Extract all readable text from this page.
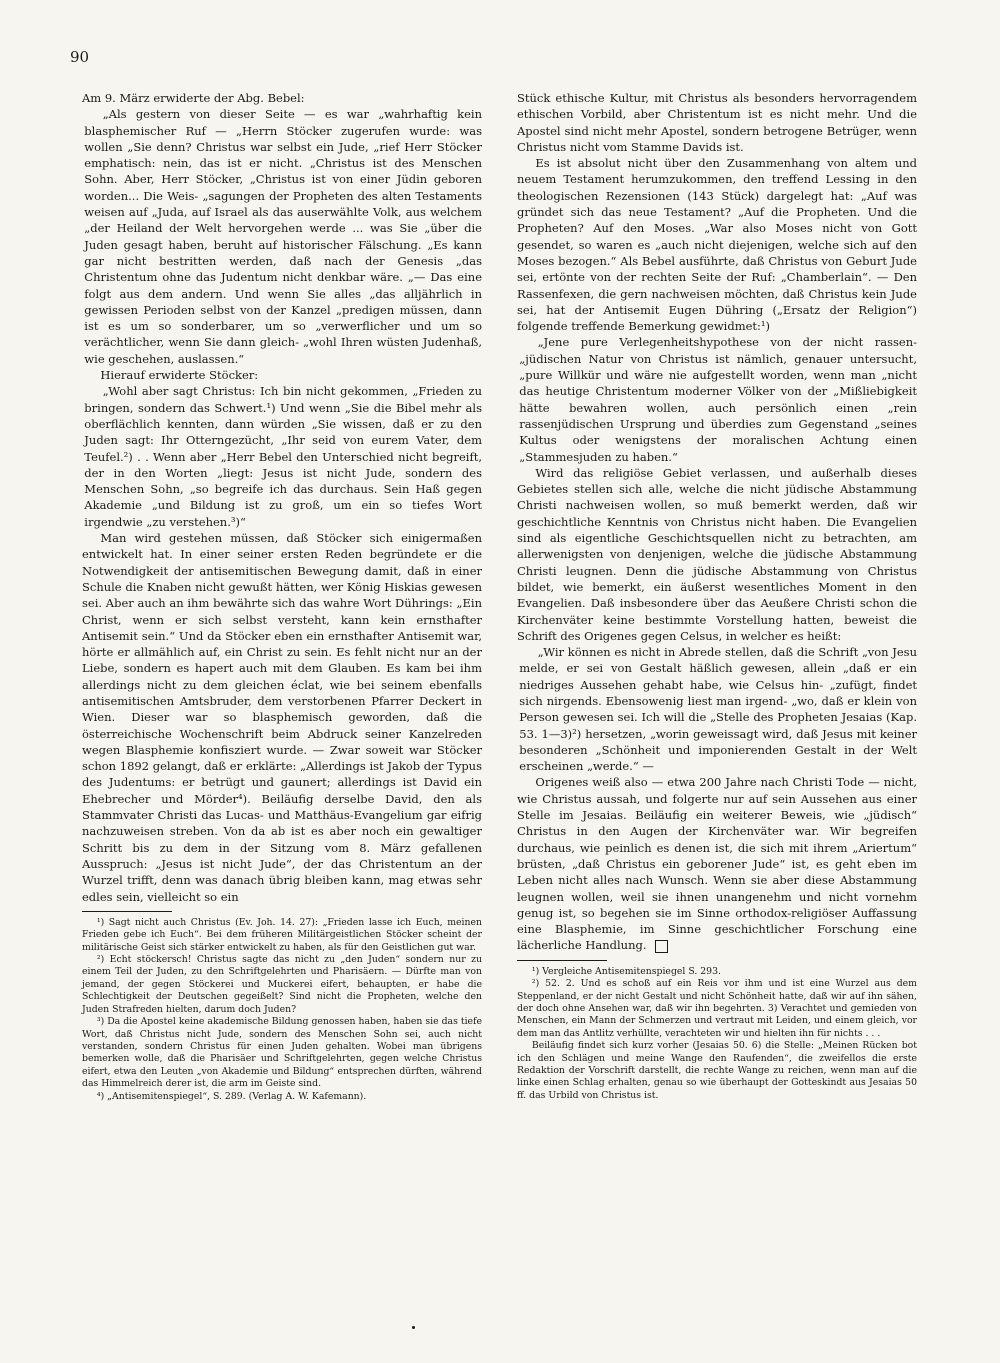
90

Am 9. März erwiderte der Abg. Bebel:

„Als gestern von dieser Seite — es war „wahrhaftig kein blasphemischer Ruf — „Herrn Stöcker zugerufen wurde: was wollen „Sie denn? Christus war selbst ein Jude, „rief Herr Stöcker emphatisch: nein, das ist er nicht. „Christus ist des Menschen Sohn. Aber, Herr Stöcker, „Christus ist von einer Jüdin geboren worden... Die Weis- „sagungen der Propheten des alten Testaments weisen auf „Juda, auf Israel als das auserwählte Volk, aus welchem „der Heiland der Welt hervorgehen werde ... was Sie „über die Juden gesagt haben, beruht auf historischer Fälschung. „Es kann gar nicht bestritten werden, daß nach der Genesis „das Christentum ohne das Judentum nicht denkbar wäre. „— Das eine folgt aus dem andern. Und wenn Sie alles „das alljährlich in gewissen Perioden selbst von der Kanzel „predigen müssen, dann ist es um so sonderbarer, um so „verwerflicher und um so verächtlicher, wenn Sie dann gleich- „wohl Ihren wüsten Judenhaß, wie geschehen, auslassen.“

Hierauf erwiderte Stöcker:

„Wohl aber sagt Christus: Ich bin nicht gekommen, „Frieden zu bringen, sondern das Schwert.¹) Und wenn „Sie die Bibel mehr als oberflächlich kennten, dann würden „Sie wissen, daß er zu den Juden sagt: Ihr Otterngezücht, „Ihr seid von eurem Vater, dem Teufel.²) . . Wenn aber „Herr Bebel den Unterschied nicht begreift, der in den Worten „liegt: Jesus ist nicht Jude, sondern des Menschen Sohn, „so begreife ich das durchaus. Sein Haß gegen Akademie „und Bildung ist zu groß, um ein so tiefes Wort irgendwie „zu verstehen.³)“

Man wird gestehen müssen, daß Stöcker sich einigermaßen entwickelt hat. In einer seiner ersten Reden begründete er die Notwendigkeit der antisemitischen Bewegung damit, daß in einer Schule die Knaben nicht gewußt hätten, wer König Hiskias gewesen sei. Aber auch an ihm bewährte sich das wahre Wort Dührings: „Ein Christ, wenn er sich selbst versteht, kann kein ernsthafter Antisemit sein.“ Und da Stöcker eben ein ernsthafter Antisemit war, hörte er allmählich auf, ein Christ zu sein. Es fehlt nicht nur an der Liebe, sondern es hapert auch mit dem Glauben. Es kam bei ihm allerdings nicht zu dem gleichen éclat, wie bei seinem ebenfalls antisemitischen Amtsbruder, dem verstorbenen Pfarrer Deckert in Wien. Dieser war so blasphemisch geworden, daß die österreichische Wochenschrift beim Abdruck seiner Kanzelreden wegen Blasphemie konfisziert wurde. — Zwar soweit war Stöcker schon 1892 gelangt, daß er erklärte: „Allerdings ist Jakob der Typus des Judentums: er betrügt und gaunert; allerdings ist David ein Ehebrecher und Mörder⁴). Beiläufig derselbe David, den als Stammvater Christi das Lucas- und Matthäus-Evangelium gar eifrig nachzuweisen streben. Von da ab ist es aber noch ein gewaltiger Schritt bis zu dem in der Sitzung vom 8. März gefallenen Ausspruch: „Jesus ist nicht Jude“, der das Christentum an der Wurzel trifft, denn was danach übrig bleiben kann, mag etwas sehr edles sein, vielleicht so ein

¹) Sagt nicht auch Christus (Ev. Joh. 14. 27): „Frieden lasse ich Euch, meinen Frieden gebe ich Euch“. Bei dem früheren Militärgeistlichen Stöcker scheint der militärische Geist sich stärker entwickelt zu haben, als für den Geistlichen gut war.

²) Echt stöckersch! Christus sagte das nicht zu „den Juden“ sondern nur zu einem Teil der Juden, zu den Schriftgelehrten und Pharisäern. — Dürfte man von jemand, der gegen Stöckerei und Muckerei eifert, behaupten, er habe die Schlechtigkeit der Deutschen gegeißelt? Sind nicht die Propheten, welche den Juden Strafreden hielten, darum doch Juden?

³) Da die Apostel keine akademische Bildung genossen haben, haben sie das tiefe Wort, daß Christus nicht Jude, sondern des Menschen Sohn sei, auch nicht verstanden, sondern Christus für einen Juden gehalten. Wobei man übrigens bemerken wolle, daß die Pharisäer und Schriftgelehrten, gegen welche Christus eifert, etwa den Leuten „von Akademie und Bildung“ entsprechen dürften, während das Himmelreich derer ist, die arm im Geiste sind.

⁴) „Antisemitenspiegel“, S. 289. (Verlag A. W. Kafemann).

Stück ethische Kultur, mit Christus als besonders hervorragendem ethischen Vorbild, aber Christentum ist es nicht mehr. Und die Apostel sind nicht mehr Apostel, sondern betrogene Betrüger, wenn Christus nicht vom Stamme Davids ist.

Es ist absolut nicht über den Zusammenhang von altem und neuem Testament herumzukommen, den treffend Lessing in den theologischen Rezensionen (143 Stück) dargelegt hat: „Auf was gründet sich das neue Testament? „Auf die Propheten. Und die Propheten? Auf den Moses. „War also Moses nicht von Gott gesendet, so waren es „auch nicht diejenigen, welche sich auf den Moses bezogen.“ Als Bebel ausführte, daß Christus von Geburt Jude sei, ertönte von der rechten Seite der Ruf: „Chamberlain“. — Den Rassenfexen, die gern nachweisen möchten, daß Christus kein Jude sei, hat der Antisemit Eugen Dühring („Ersatz der Religion“) folgende treffende Bemerkung gewidmet:¹)

„Jene pure Verlegenheitshypothese von der nicht rassen- „jüdischen Natur von Christus ist nämlich, genauer untersucht, „pure Willkür und wäre nie aufgestellt worden, wenn man „nicht das heutige Christentum moderner Völker von der „Mißliebigkeit hätte bewahren wollen, auch persönlich einen „rein rassenjüdischen Ursprung und überdies zum Gegenstand „seines Kultus oder wenigstens der moralischen Achtung einen „Stammesjuden zu haben.“

Wird das religiöse Gebiet verlassen, und außerhalb dieses Gebietes stellen sich alle, welche die nicht jüdische Abstammung Christi nachweisen wollen, so muß bemerkt werden, daß wir geschichtliche Kenntnis von Christus nicht haben. Die Evangelien sind als eigentliche Geschichtsquellen nicht zu betrachten, am allerwenigsten von denjenigen, welche die jüdische Abstammung Christi leugnen. Denn die jüdische Abstammung von Christus bildet, wie bemerkt, ein äußerst wesentliches Moment in den Evangelien. Daß insbesondere über das Aeußere Christi schon die Kirchenväter keine bestimmte Vorstellung hatten, beweist die Schrift des Origenes gegen Celsus, in welcher es heißt:

„Wir können es nicht in Abrede stellen, daß die Schrift „von Jesu melde, er sei von Gestalt häßlich gewesen, allein „daß er ein niedriges Aussehen gehabt habe, wie Celsus hin- „zufügt, findet sich nirgends. Ebensowenig liest man irgend- „wo, daß er klein von Person gewesen sei. Ich will die „Stelle des Propheten Jesaias (Kap. 53. 1—3)²) hersetzen, „worin geweissagt wird, daß Jesus mit keiner besonderen „Schönheit und imponierenden Gestalt in der Welt erscheinen „werde.“ —

Origenes weiß also — etwa 200 Jahre nach Christi Tode — nicht, wie Christus aussah, und folgerte nur auf sein Aussehen aus einer Stelle im Jesaias. Beiläufig ein weiterer Beweis, wie „jüdisch“ Christus in den Augen der Kirchenväter war. Wir begreifen durchaus, wie peinlich es denen ist, die sich mit ihrem „Ariertum“ brüsten, „daß Christus ein geborener Jude“ ist, es geht eben im Leben nicht alles nach Wunsch. Wenn sie aber diese Abstammung leugnen wollen, weil sie ihnen unangenehm und nicht vornehm genug ist, so begehen sie im Sinne orthodox-religiöser Auffassung eine Blasphemie, im Sinne geschichtlicher Forschung eine lächerliche Handlung.

¹) Vergleiche Antisemitenspiegel S. 293.

²) 52. 2. Und es schoß auf ein Reis vor ihm und ist eine Wurzel aus dem Steppenland, er der nicht Gestalt und nicht Schönheit hatte, daß wir auf ihn sähen, der doch ohne Ansehen war, daß wir ihn begehrten. 3) Verachtet und gemieden von Menschen, ein Mann der Schmerzen und vertraut mit Leiden, und einem gleich, vor dem man das Antlitz verhüllte, verachteten wir und hielten ihn für nichts . . .

Beiläufig findet sich kurz vorher (Jesaias 50. 6) die Stelle: „Meinen Rücken bot ich den Schlägen und meine Wange den Raufenden“, die zweifellos die erste Redaktion der Vorschrift darstellt, die rechte Wange zu reichen, wenn man auf die linke einen Schlag erhalten, genau so wie überhaupt der Gotteskindt aus Jesaias 50 ff. das Urbild von Christus ist.
